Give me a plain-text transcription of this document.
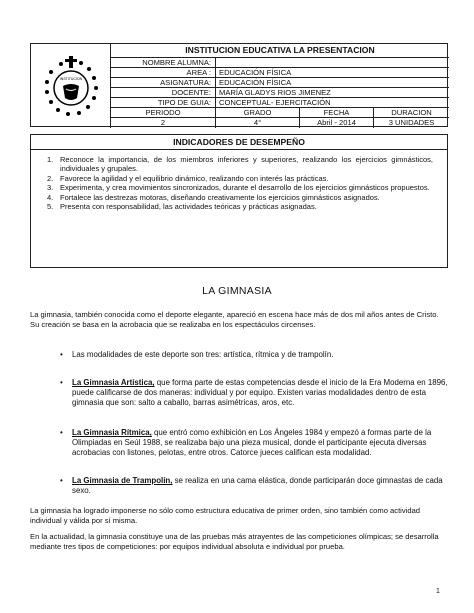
INSTITUCION
INSTITUCION EDUCATIVA LA PRESENTACION
NOMBRE ALUMNA:
AREA :	EDUCACIÓN FÍSICA
ASIGNATURA:	EDUCACIÓN FÍSICA
DOCENTE:	MARÍA GLADYS RIOS JIMENEZ
TIPO DE GUIA:	CONCEPTUAL- EJERCITACIÓN
PERIODO	GRADO	FECHA	DURACION
2	4°	Abril - 2014	3 UNIDADES
INDICADORES DE DESEMPEÑO
1. Reconoce la importancia, de los miembros inferiores y superiores, realizando los ejercicios gimnásticos, individuales y grupales.
2. Favorece la agilidad y el equilibrio dinámico, realizando con interés las prácticas.
3. Experimenta, y crea movimientos sincronizados, durante el desarrollo de los ejercicios gimnásticos propuestos.
4. Fortalece las destrezas motoras, diseñando creativamente los ejercicios gimnásticos asignados.
5. Presenta con responsabilidad, las actividades teóricas y prácticas asignadas.
LA GIMNASIA
La gimnasia, también conocida como el deporte elegante, apareció en escena hace más de dos mil años antes de Cristo. Su creación se basa en la acrobacia que se realizaba en los espectáculos circenses.
• Las modalidades de este deporte son tres: artística, rítmica y de trampolín.
• La Gimnasia Artística, que forma parte de estas competencias desde el inicio de la Era Moderna en 1896, puede calificarse de dos maneras: individual y por equipo. Existen varias modalidades dentro de esta gimnasia que son: salto a caballo, barras asimétricas, aros, etc.
• La Gimnasia Rítmica, que entró como exhibición en Los Ángeles 1984 y empezó a formas parte de la Olimpiadas en Seúl 1988, se realizaba bajo una pieza musical, donde el participante ejecuta diversas acrobacias con listones, pelotas, entre otros. Catorce jueces califican esta modalidad.
• La Gimnasia de Trampolín, se realiza en una cama elástica, donde participarán doce gimnastas de cada sexo.
La gimnasia ha logrado imponerse no sólo como estructura educativa de primer orden, sino también como actividad individual y válida por sí misma.
En la actualidad, la gimnasia constituye una de las pruebas más atrayentes de las competiciones olímpicas; se desarrolla mediante tres tipos de competiciones: por equipos individual absoluta e individual por prueba.
1
